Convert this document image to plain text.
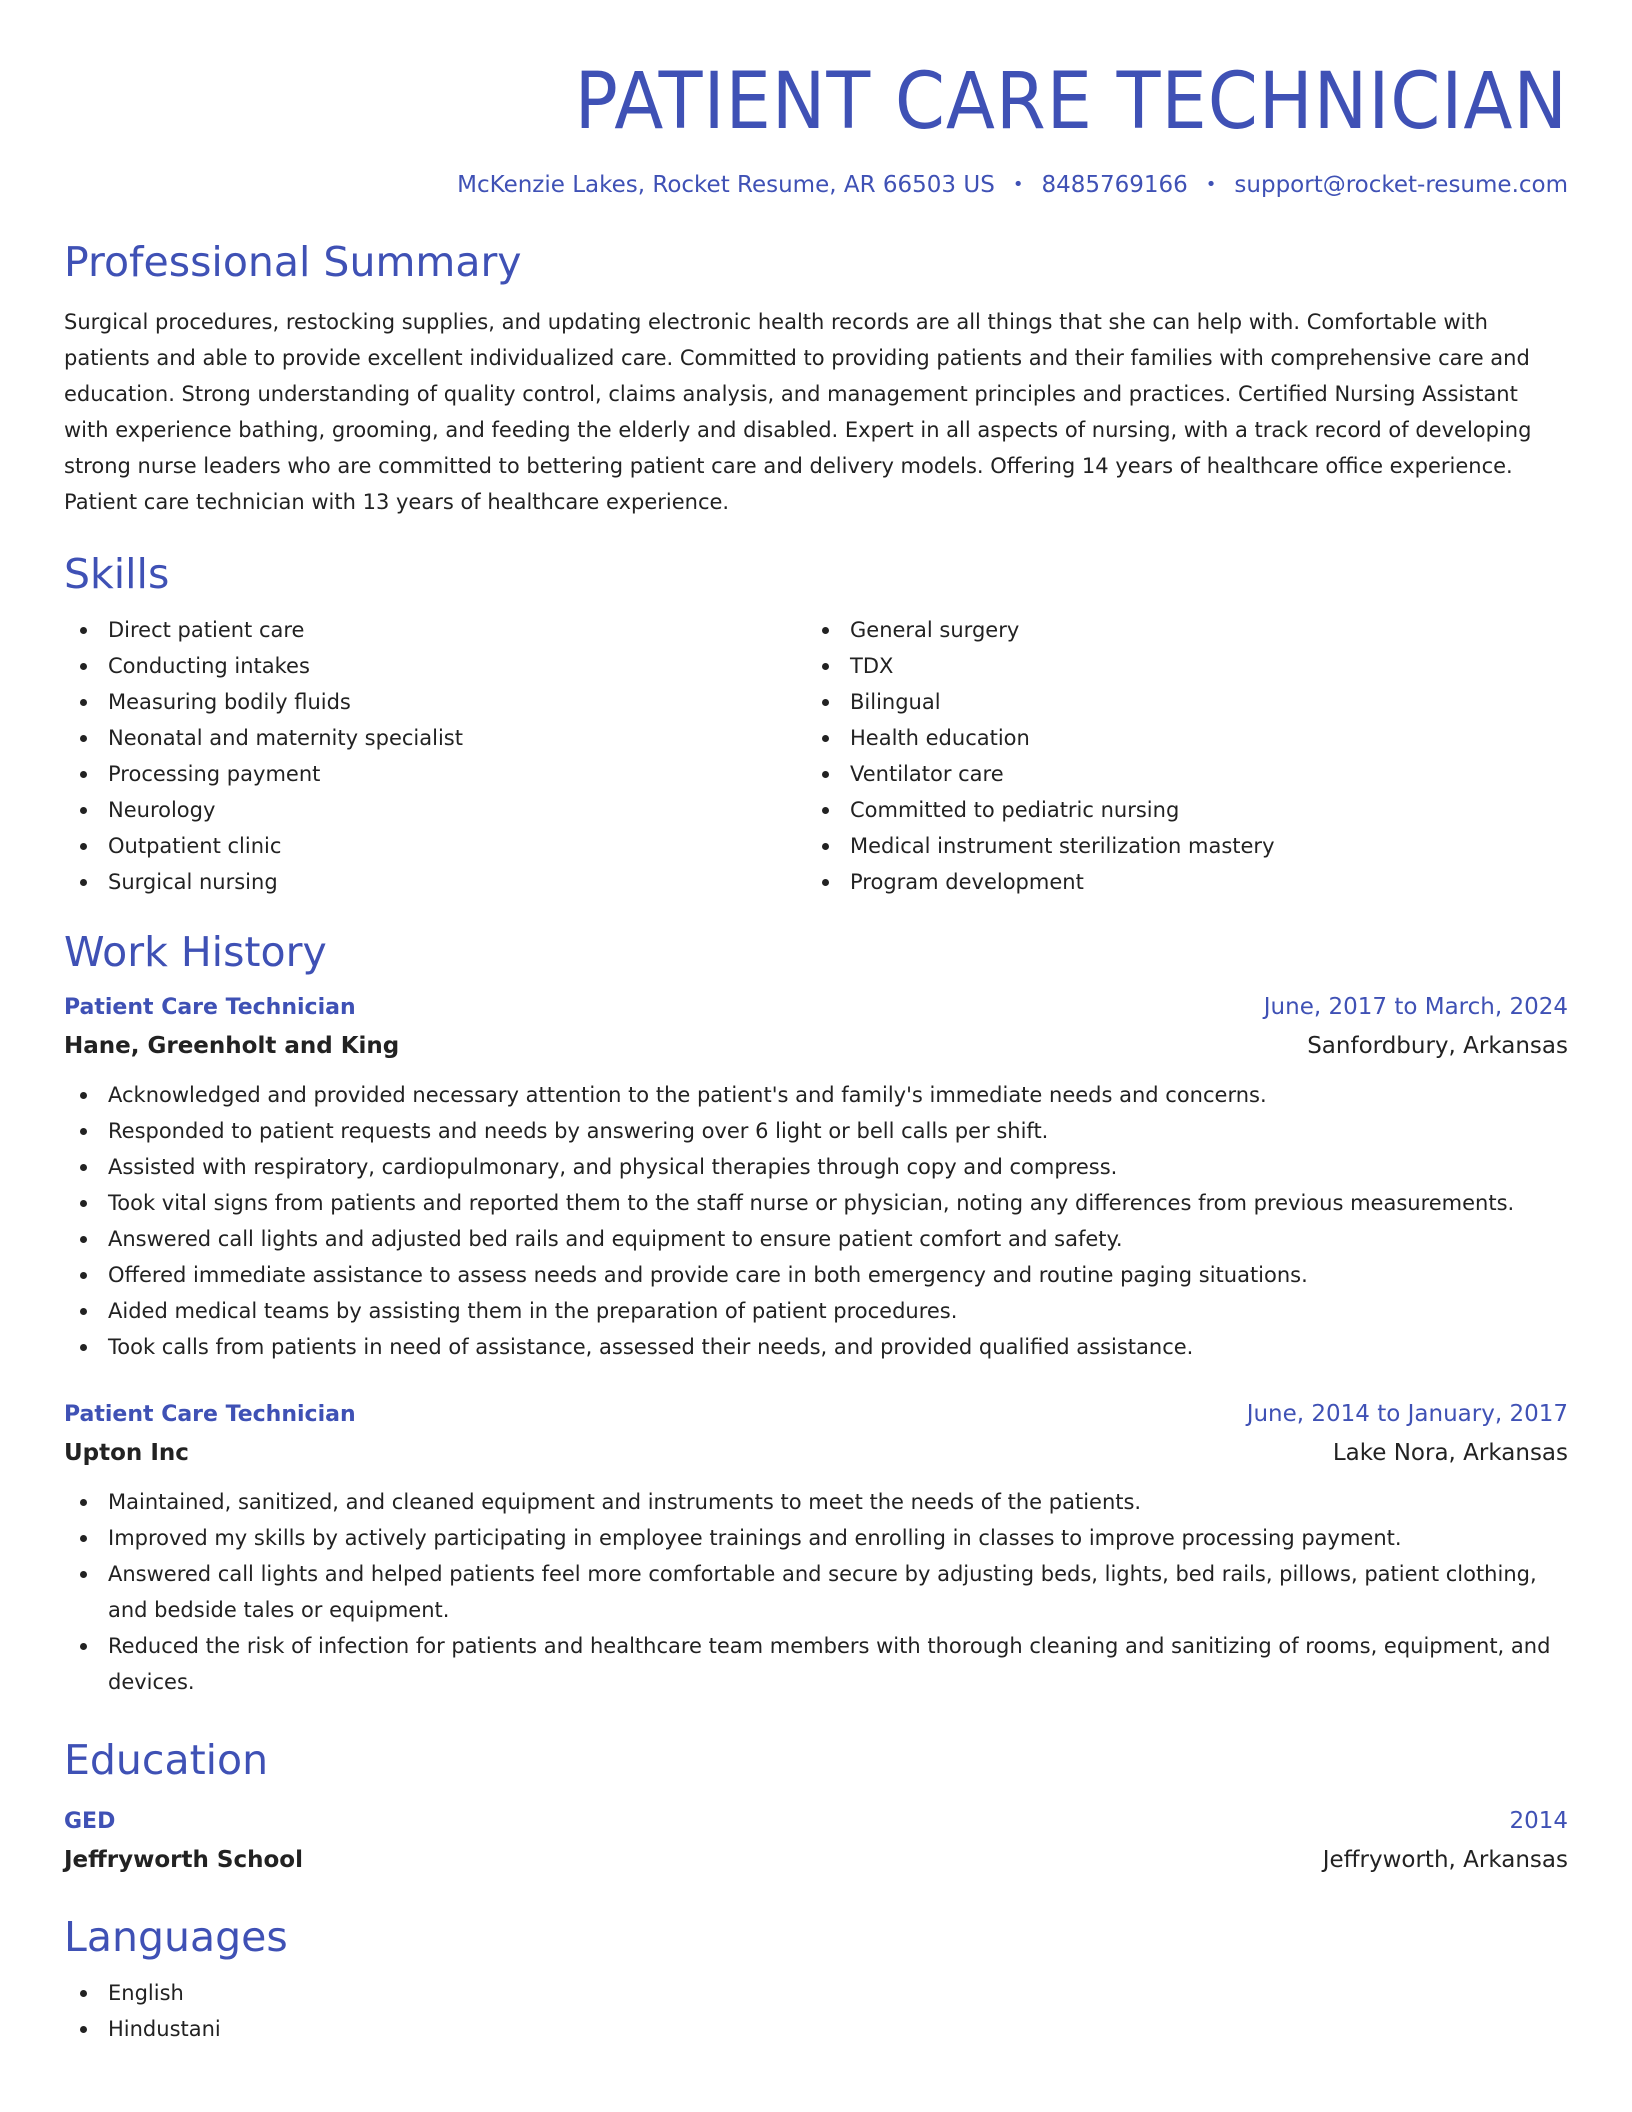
PATIENT CARE TECHNICIAN
McKenzie Lakes, Rocket Resume, AR 66503 US • 8485769166 • support@rocket-resume.com
Professional Summary

Surgical procedures, restocking supplies, and updating electronic health records are all things that she can help with. Comfortable with patients and able to provide excellent individualized care. Committed to providing patients and their families with comprehensive care and education. Strong understanding of quality control, claims analysis, and management principles and practices. Certified Nursing Assistant with experience bathing, grooming, and feeding the elderly and disabled. Expert in all aspects of nursing, with a track record of developing strong nurse leaders who are committed to bettering patient care and delivery models. Offering 14 years of healthcare office experience. Patient care technician with 13 years of healthcare experience.

Skills
Direct patient care
Conducting intakes
Measuring bodily fluids
Neonatal and maternity specialist
Processing payment
Neurology
Outpatient clinic
Surgical nursing
General surgery
TDX
Bilingual
Health education
Ventilator care
Committed to pediatric nursing
Medical instrument sterilization mastery
Program development
Work History
Patient Care Technician	June, 2017 to March, 2024
Hane, Greenholt and King	Sanfordbury, Arkansas
Acknowledged and provided necessary attention to the patient's and family's immediate needs and concerns.
Responded to patient requests and needs by answering over 6 light or bell calls per shift.
Assisted with respiratory, cardiopulmonary, and physical therapies through copy and compress.
Took vital signs from patients and reported them to the staff nurse or physician, noting any differences from previous measurements.
Answered call lights and adjusted bed rails and equipment to ensure patient comfort and safety.
Offered immediate assistance to assess needs and provide care in both emergency and routine paging situations.
Aided medical teams by assisting them in the preparation of patient procedures.
Took calls from patients in need of assistance, assessed their needs, and provided qualified assistance.
Patient Care Technician	June, 2014 to January, 2017
Upton Inc	Lake Nora, Arkansas
Maintained, sanitized, and cleaned equipment and instruments to meet the needs of the patients.
Improved my skills by actively participating in employee trainings and enrolling in classes to improve processing payment.
Answered call lights and helped patients feel more comfortable and secure by adjusting beds, lights, bed rails, pillows, patient clothing, and bedside tales or equipment.
Reduced the risk of infection for patients and healthcare team members with thorough cleaning and sanitizing of rooms, equipment, and devices.
Education
GED	2014
Jeffryworth School	Jeffryworth, Arkansas
Languages
English
Hindustani
